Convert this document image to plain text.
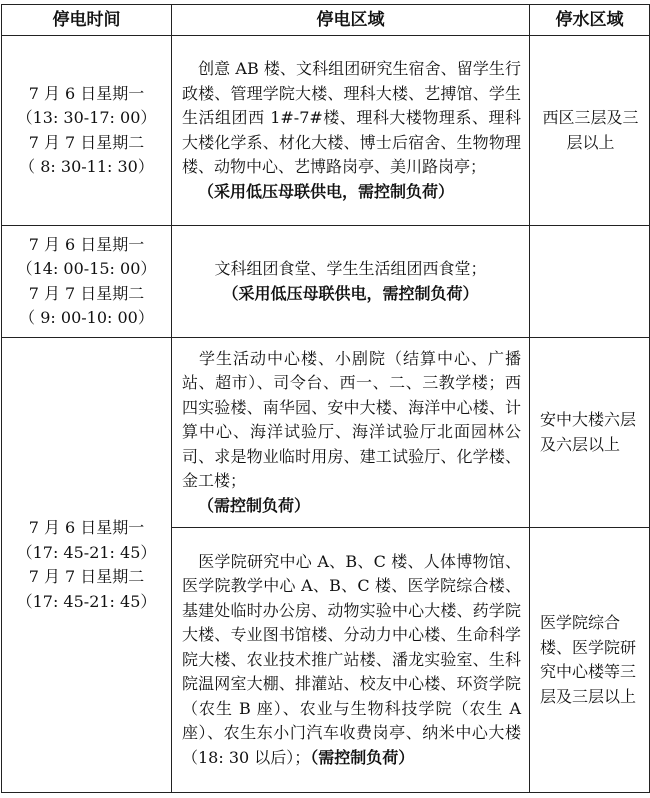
停电时间	停电区域	停水区域

7 月 6 日星期一
（13: 30-17: 00）
7 月 7 日星期二
（ 8: 30-11: 30）	创意 AB 楼、文科组团研究生宿舍、留学生行政楼、管理学院大楼、理科大楼、艺搏馆、学生生活组团西 1#-7#楼、理科大楼物理系、理科大楼化学系、材化大楼、博士后宿舍、生物物理楼、动物中心、艺博路岗亭、美川路岗亭；
（采用低压母联供电，需控制负荷）	西区三层及三层以上

7 月 6 日星期一
（14: 00-15: 00）
7 月 7 日星期二
（ 9: 00-10: 00）	文科组团食堂、学生生活组团西食堂；
（采用低压母联供电，需控制负荷）	

7 月 6 日星期一
（17: 45-21: 45）
7 月 7 日星期二
（17: 45-21: 45）	学生活动中心楼、小剧院（结算中心、广播站、超市）、司令台、西一、二、三教学楼；西四实验楼、南华园、安中大楼、海洋中心楼、计算中心、海洋试验厅、海洋试验厅北面园林公司、求是物业临时用房、建工试验厅、化学楼、金工楼；
（需控制负荷）	安中大楼六层及六层以上
	医学院研究中心 A、B、C 楼、人体博物馆、医学院教学中心 A、B、C 楼、医学院综合楼、基建处临时办公房、动物实验中心大楼、药学院大楼、专业图书馆楼、分动力中心楼、生命科学院大楼、农业技术推广站楼、潘龙实验室、生科院温网室大棚、排灌站、校友中心楼、环资学院（农生 B 座）、农业与生物科技学院（农生 A 座）、农生东小门汽车收费岗亭、纳米中心大楼（18: 30 以后）；（需控制负荷）	医学院综合楼、医学院研究中心楼等三层及三层以上
